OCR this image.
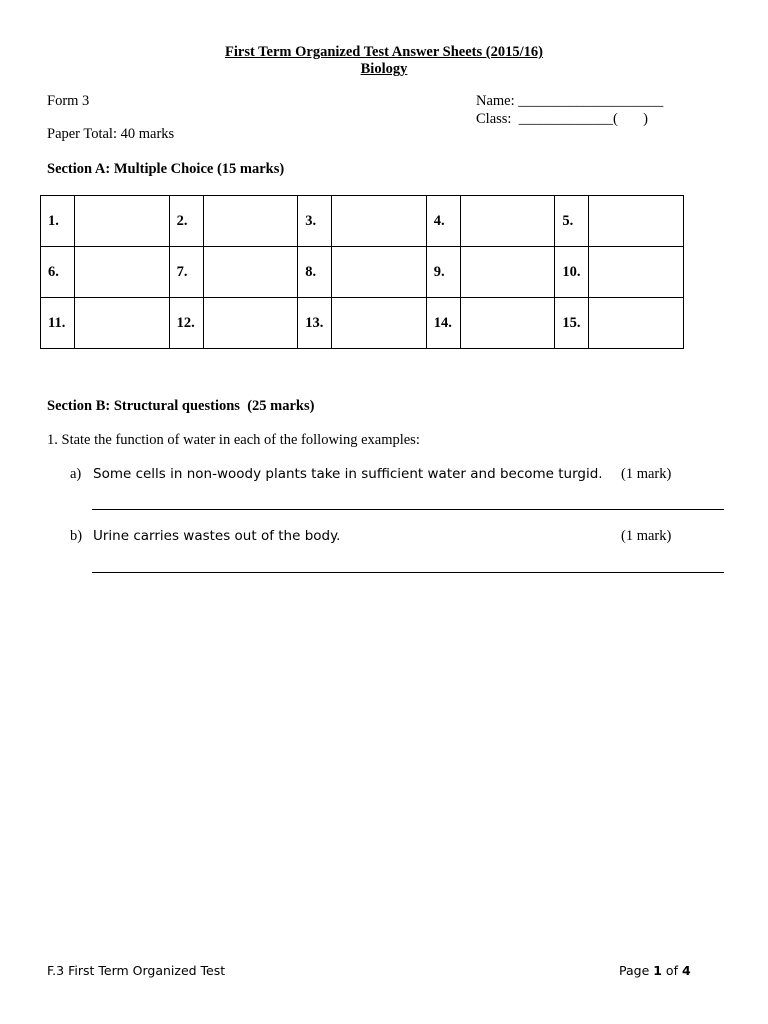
First Term Organized Test Answer Sheets (2015/16)
Biology
Form 3	Name: ____________________
Class:  _____________(       )
Paper Total: 40 marks
Section A: Multiple Choice (15 marks)
1.		2.		3.		4.		5.	
6.		7.		8.		9.		10.	
11.		12.		13.		14.		15.	
Section B: Structural questions  (25 marks)
1. State the function of water in each of the following examples:
a) Some cells in non-woody plants take in sufficient water and become turgid. (1 mark)
b) Urine carries wastes out of the body.	(1 mark)
F.3 First Term Organized Test	Page 1 of 4
